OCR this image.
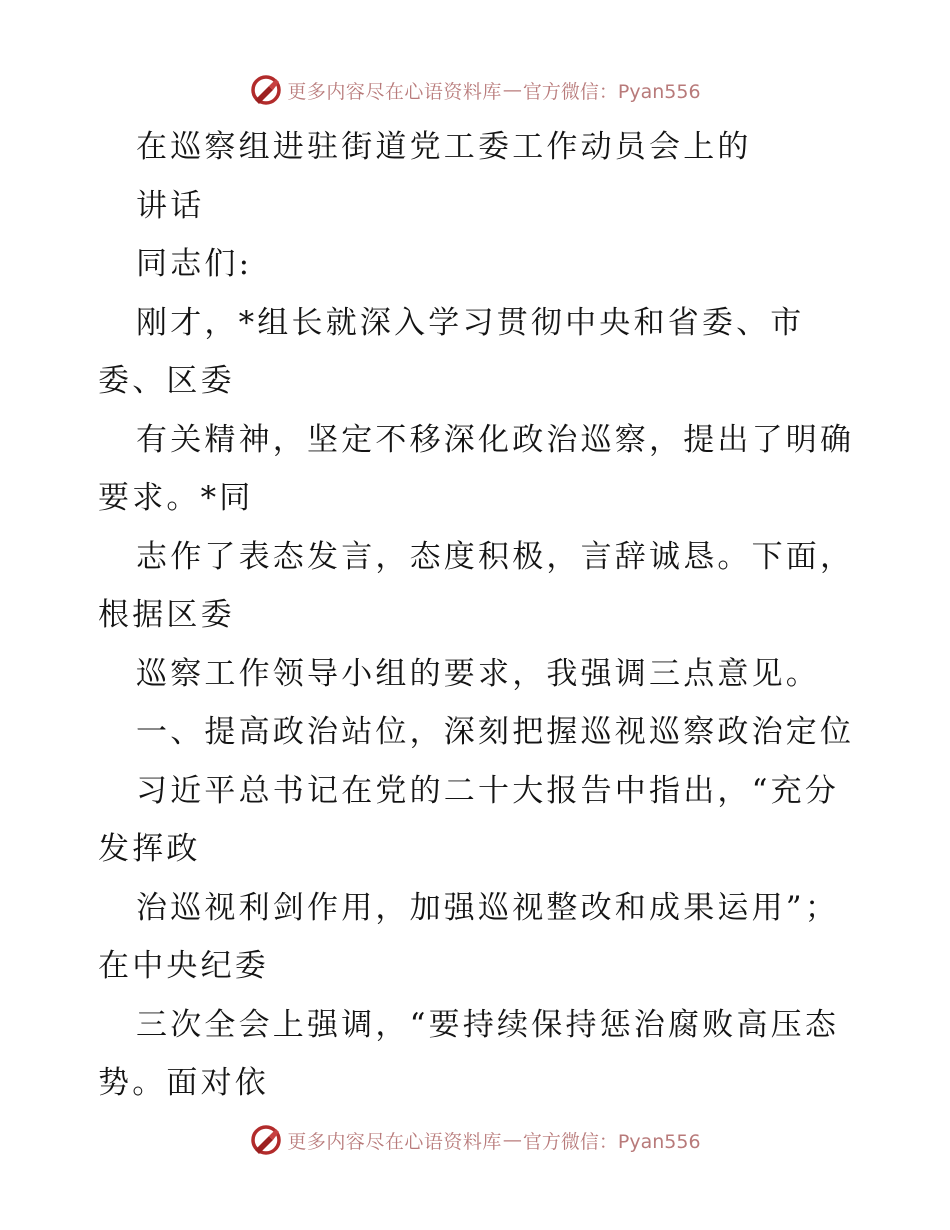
更多内容尽在心语资料库 — 官方微信：Pyan556
在巡察组进驻街道党工委工作动员会上的
讲话
同志们:
刚才，*组长就深入学习贯彻中央和省委、市
委、区委
有关精神，坚定不移深化政治巡察，提出了明确
要求。*同
志作了表态发言，态度积极，言辞诚恳。下面，
根据区委
巡察工作领导小组的要求，我强调三点意见。
一、提高政治站位，深刻把握巡视巡察政治定位
习近平总书记在党的二十大报告中指出，“充分
发挥政
治巡视利剑作用，加强巡视整改和成果运用”；
在中央纪委
三次全会上强调，“要持续保持惩治腐败高压态
势。面对依
更多内容尽在心语资料库 — 官方微信：Pyan556
